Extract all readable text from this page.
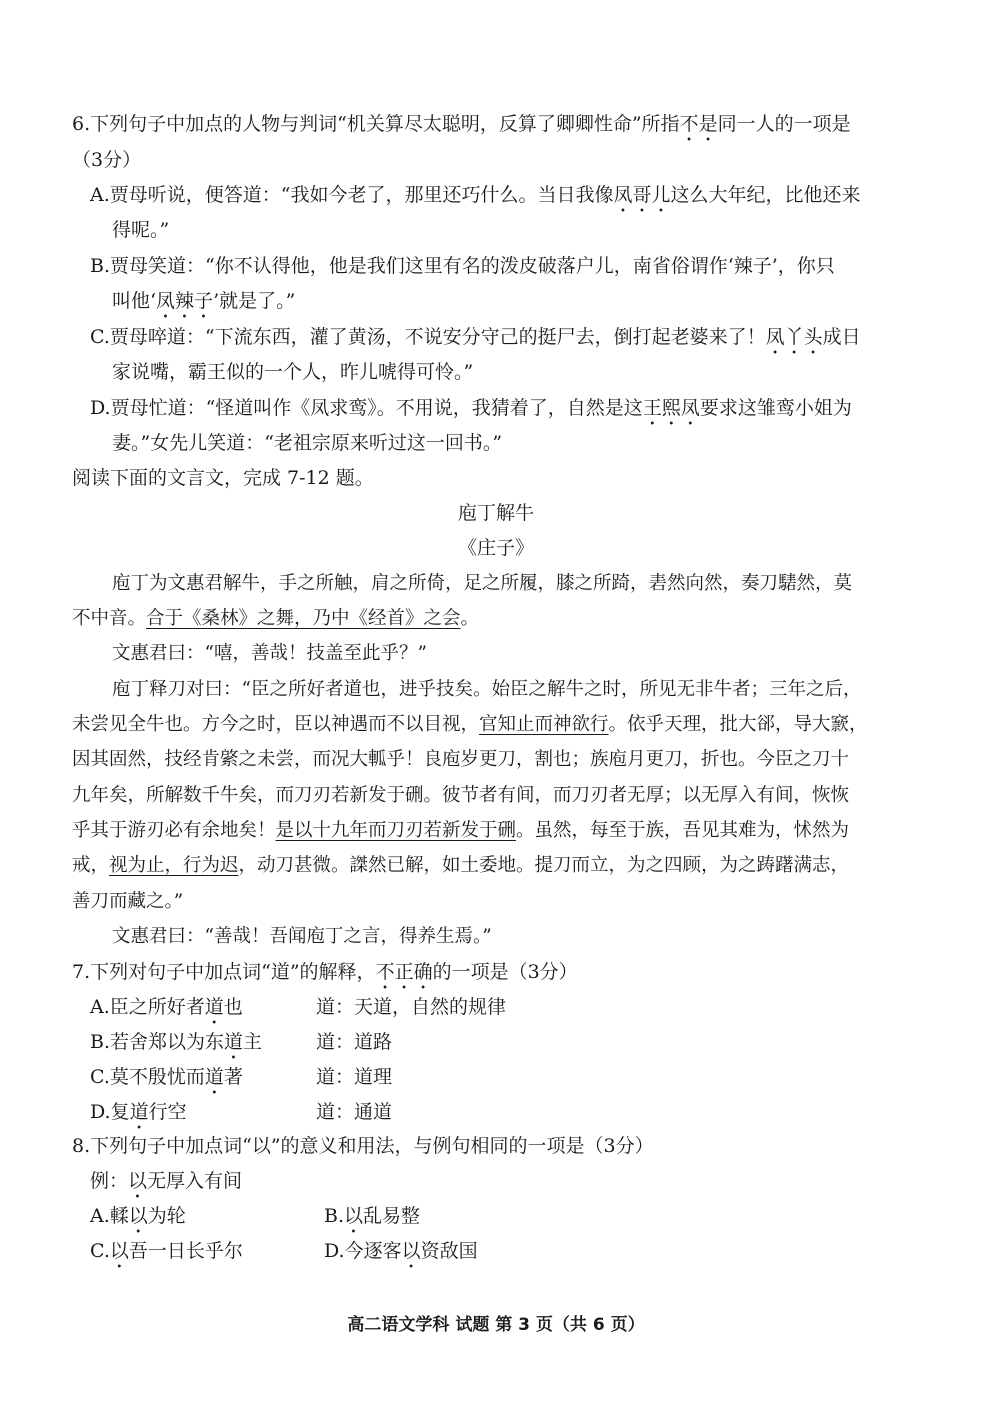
6.下列句子中加点的人物与判词“机关算尽太聪明，反算了卿卿性命”所指不是同一人的一项是
（3分）
A.贾母听说，便答道：“我如今老了，那里还巧什么。当日我像凤哥儿这么大年纪，比他还来
得呢。”
B.贾母笑道：“你不认得他，他是我们这里有名的泼皮破落户儿，南省俗谓作‘辣子’，你只
叫他‘凤辣子’就是了。”
C.贾母啐道：“下流东西，灌了黄汤，不说安分守己的挺尸去，倒打起老婆来了！凤丫头成日
家说嘴，霸王似的一个人，昨儿唬得可怜。”
D.贾母忙道：“怪道叫作《凤求鸾》。不用说，我猜着了，自然是这王熙凤要求这雏鸾小姐为
妻。”女先儿笑道：“老祖宗原来听过这一回书。”
阅读下面的文言文，完成 7-12 题。
庖丁解牛
《庄子》
庖丁为文惠君解牛，手之所触，肩之所倚，足之所履，膝之所踦，砉然向然，奏刀騞然，莫
不中音。合于《桑林》之舞，乃中《经首》之会。
文惠君曰：“嘻，善哉！技盖至此乎？”
庖丁释刀对曰：“臣之所好者道也，进乎技矣。始臣之解牛之时，所见无非牛者；三年之后，
未尝见全牛也。方今之时，臣以神遇而不以目视，官知止而神欲行。依乎天理，批大郤，导大窾，
因其固然，技经肯綮之未尝，而况大軱乎！良庖岁更刀，割也；族庖月更刀，折也。今臣之刀十
九年矣，所解数千牛矣，而刀刃若新发于硎。彼节者有间，而刀刃者无厚；以无厚入有间，恢恢
乎其于游刃必有余地矣！是以十九年而刀刃若新发于硎。虽然，每至于族，吾见其难为，怵然为
戒，视为止，行为迟，动刀甚微。謋然已解，如土委地。提刀而立，为之四顾，为之踌躇满志，
善刀而藏之。”
文惠君曰：“善哉！吾闻庖丁之言，得养生焉。”
7.下列对句子中加点词“道”的解释，不正确的一项是（3分）
A.臣之所好者道也	道：天道，自然的规律
B.若舍郑以为东道主	道：道路
C.莫不殷忧而道著	道：道理
D.复道行空	道：通道
8.下列句子中加点词“以”的意义和用法，与例句相同的一项是（3分）
例：以无厚入有间
A.輮以为轮	B.以乱易整
C.以吾一日长乎尔	D.今逐客以资敌国
高二语文学科 试题 第 3 页（共 6 页）
